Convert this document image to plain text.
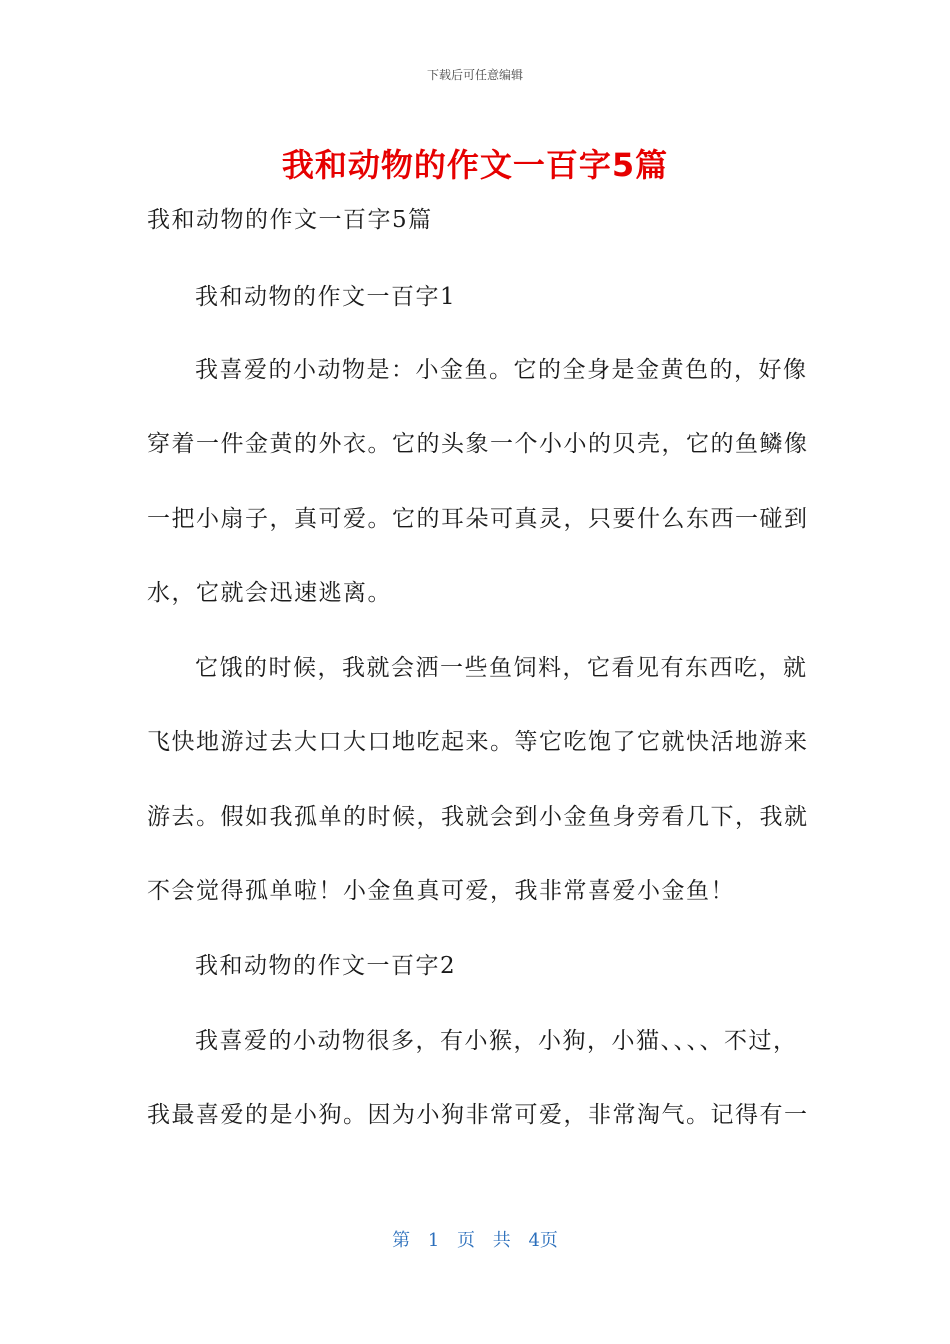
下载后可任意编辑
我和动物的作文一百字5篇
我和动物的作文一百字5篇
我和动物的作文一百字1
我喜爱的小动物是：小金鱼。它的全身是金黄色的，好像
穿着一件金黄的外衣。它的头象一个小小的贝壳，它的鱼鳞像
一把小扇子，真可爱。它的耳朵可真灵，只要什么东西一碰到
水，它就会迅速逃离。
它饿的时候，我就会洒一些鱼饲料，它看见有东西吃，就
飞快地游过去大口大口地吃起来。等它吃饱了它就快活地游来
游去。假如我孤单的时候，我就会到小金鱼身旁看几下，我就
不会觉得孤单啦！小金鱼真可爱，我非常喜爱小金鱼！
我和动物的作文一百字2
我喜爱的小动物很多，有小猴，小狗，小猫、、、、不过，
我最喜爱的是小狗。因为小狗非常可爱，非常淘气。记得有一
第 1 页 共 4页
